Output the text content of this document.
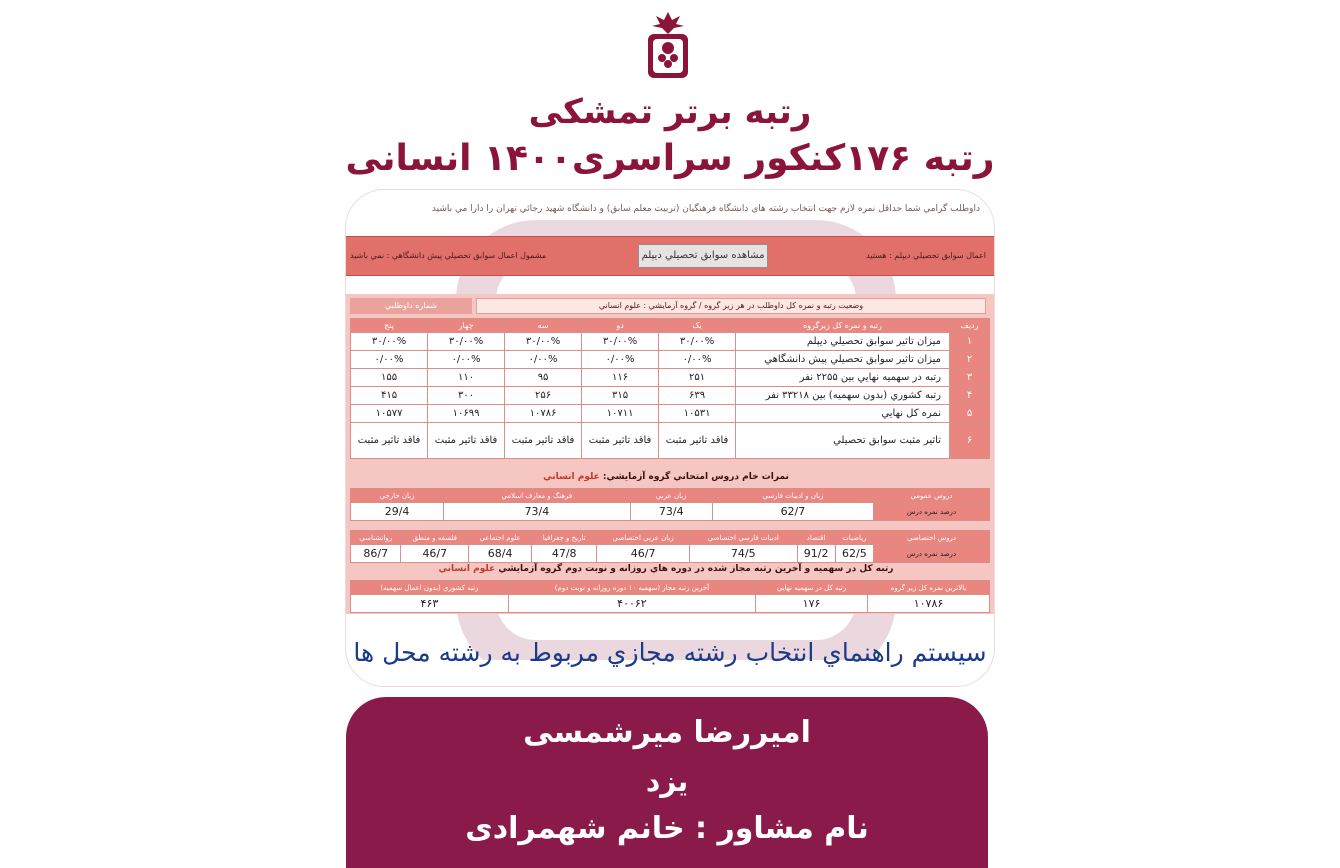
رتبه برتر تمشکی
رتبه ۱۷۶کنکور سراسری۱۴۰۰ انسانی
داوطلب گرامي شما حداقل نمره لازم جهت انتخاب رشته هاي دانشگاه فرهنگيان (تربيت معلم سابق) و دانشگاه شهيد رجائي تهران را دارا مي باشيد
اعمال سوابق تحصيلي ديپلم : هستيد
مشاهده سوابق تحصيلي ديپلم
مشمول اعمال سوابق تحصيلي پيش دانشگاهي : نمي باشيد
وضعيت رتبه و نمره کل داوطلب در هر زير گروه / گروه آزمايشي : علوم انساني
شماره داوطلبي
رديف	رتبه و نمره کل زيرگروه	يک	دو	سه	چهار	پنج
۱	ميزان تاثير سوابق تحصيلي ديپلم	۳۰/۰۰%	۳۰/۰۰%	۳۰/۰۰%	۳۰/۰۰%	۳۰/۰۰%
۲	ميزان تاثير سوابق تحصيلي پيش دانشگاهي	۰/۰۰%	۰/۰۰%	۰/۰۰%	۰/۰۰%	۰/۰۰%
۳	رتبه در سهميه نهايي بين ۲۲۵۵ نفر	۲۵۱	۱۱۶	۹۵	۱۱۰	۱۵۵
۴	رتبه کشوري (بدون سهميه) بين ۳۳۲۱۸ نفر	۶۳۹	۳۱۵	۲۵۶	۳۰۰	۴۱۵
۵	نمره کل نهايي	۱۰۵۳۱	۱۰۷۱۱	۱۰۷۸۶	۱۰۶۹۹	۱۰۵۷۷
۶	تاثير مثبت سوابق تحصيلي	فاقد تاثير مثبت	فاقد تاثير مثبت	فاقد تاثير مثبت	فاقد تاثير مثبت	فاقد تاثير مثبت
نمرات خام دروس امتحاني گروه آزمايشي: علوم انساني
دروس عمومي	زبان و ادبيات فارسي	زبان عربي	فرهنگ و معارف اسلامي	زبان خارجي
درصد نمره درس	62/7	73/4	73/4	29/4
دروس اختصاصي	رياضيات	اقتصاد	ادبيات فارسي اختصاصي	زبان عربي اختصاصي	تاريخ و جغرافيا	علوم اجتماعي	فلسفه و منطق	روانشناسي
درصد نمره درس	62/5	91/2	74/5	46/7	47/8	68/4	46/7	86/7
رتبه کل در سهميه و آخرين رتبه مجاز شده در دوره هاي روزانه و نوبت دوم گروه آزمايشي علوم انساني
بالاترين نمره کل زير گروه	رتبه کل در سهميه نهايي	آخرين رتبه مجاز (سهميه ۱۰ دوره روزانه و نوبت دوم)	رتبه کشوري (بدون اعمال سهميه)
۱۰۷۸۶	۱۷۶	۴۰۰۶۲	۴۶۳
سيستم راهنماي انتخاب رشته مجازي مربوط به رشته محل ها
امیررضا میرشمسی
یزد
نام مشاور : خانم شهمرادی
